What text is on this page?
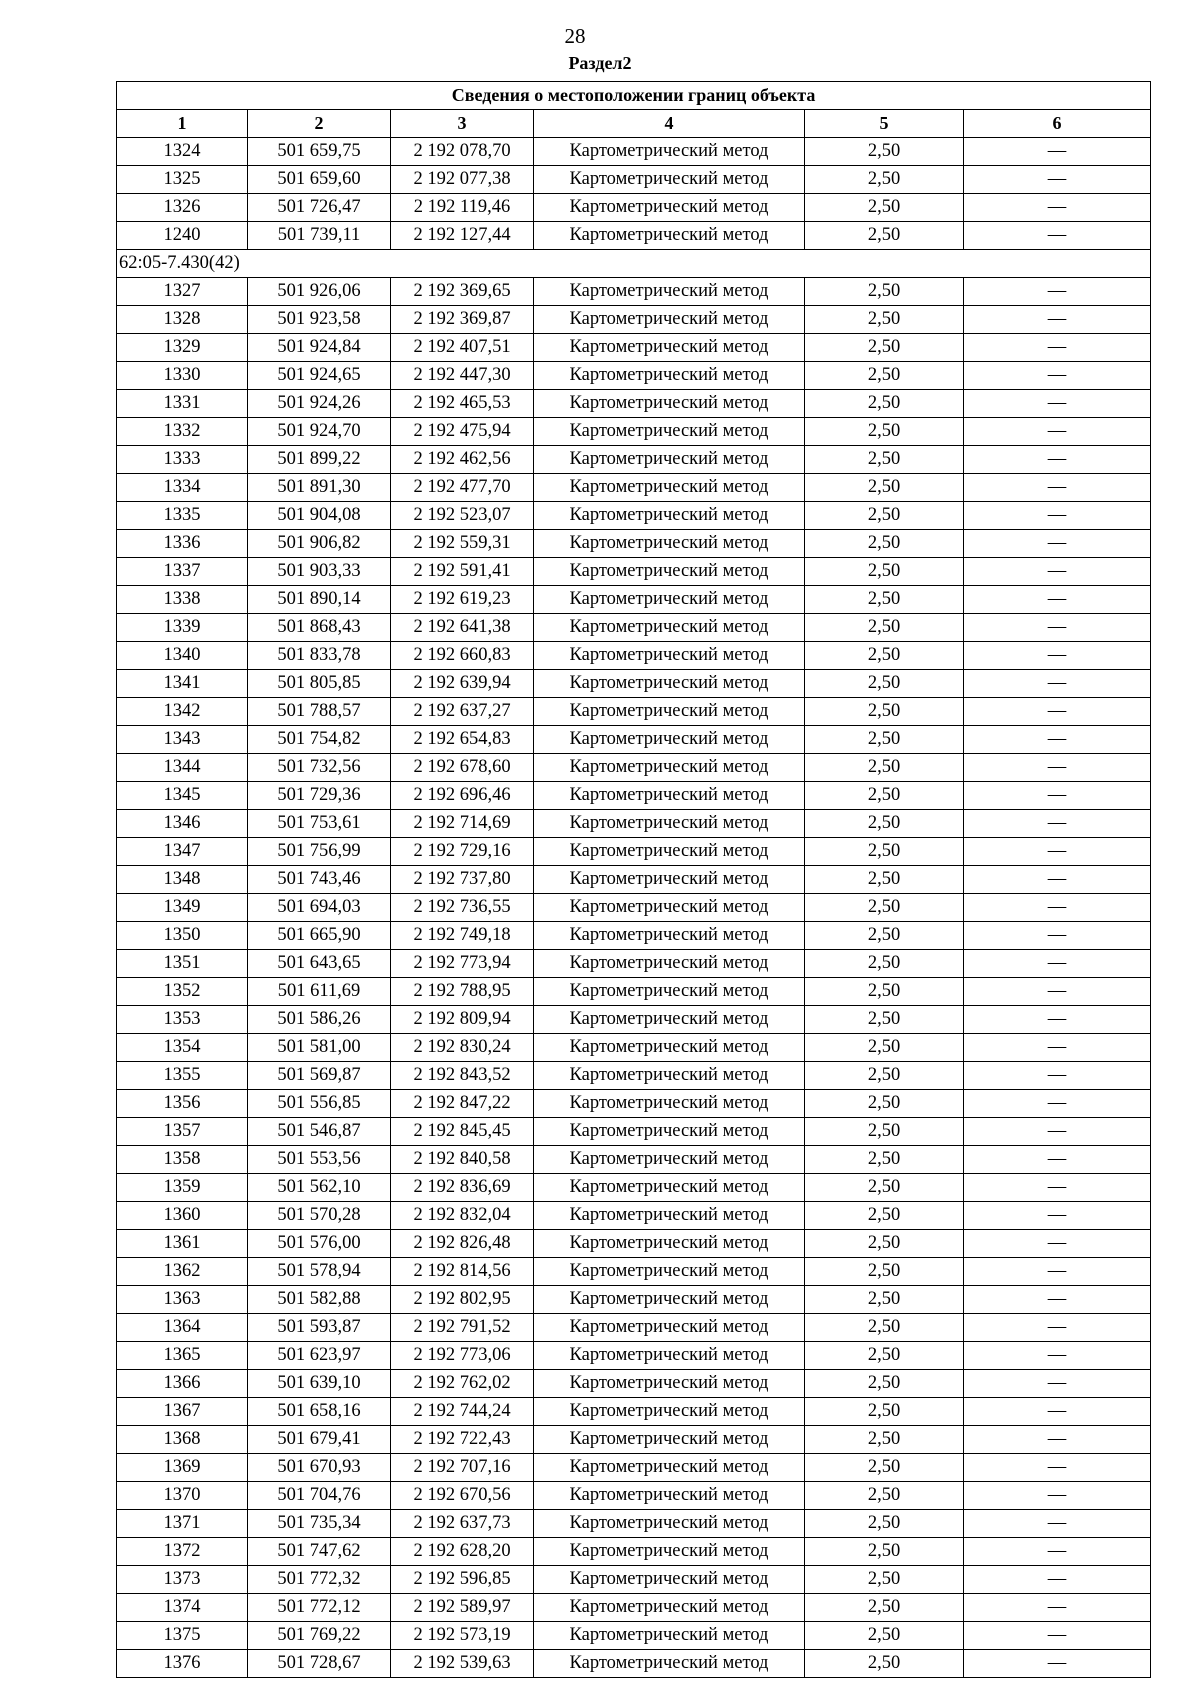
28
Раздел2
Сведения о местоположении границ объекта					
1	2	3	4	5	6
1324	501 659,75	2 192 078,70	Картометрический метод	2,50	—
1325	501 659,60	2 192 077,38	Картометрический метод	2,50	—
1326	501 726,47	2 192 119,46	Картометрический метод	2,50	—
1240	501 739,11	2 192 127,44	Картометрический метод	2,50	—
62:05-7.430(42)					
1327	501 926,06	2 192 369,65	Картометрический метод	2,50	—
1328	501 923,58	2 192 369,87	Картометрический метод	2,50	—
1329	501 924,84	2 192 407,51	Картометрический метод	2,50	—
1330	501 924,65	2 192 447,30	Картометрический метод	2,50	—
1331	501 924,26	2 192 465,53	Картометрический метод	2,50	—
1332	501 924,70	2 192 475,94	Картометрический метод	2,50	—
1333	501 899,22	2 192 462,56	Картометрический метод	2,50	—
1334	501 891,30	2 192 477,70	Картометрический метод	2,50	—
1335	501 904,08	2 192 523,07	Картометрический метод	2,50	—
1336	501 906,82	2 192 559,31	Картометрический метод	2,50	—
1337	501 903,33	2 192 591,41	Картометрический метод	2,50	—
1338	501 890,14	2 192 619,23	Картометрический метод	2,50	—
1339	501 868,43	2 192 641,38	Картометрический метод	2,50	—
1340	501 833,78	2 192 660,83	Картометрический метод	2,50	—
1341	501 805,85	2 192 639,94	Картометрический метод	2,50	—
1342	501 788,57	2 192 637,27	Картометрический метод	2,50	—
1343	501 754,82	2 192 654,83	Картометрический метод	2,50	—
1344	501 732,56	2 192 678,60	Картометрический метод	2,50	—
1345	501 729,36	2 192 696,46	Картометрический метод	2,50	—
1346	501 753,61	2 192 714,69	Картометрический метод	2,50	—
1347	501 756,99	2 192 729,16	Картометрический метод	2,50	—
1348	501 743,46	2 192 737,80	Картометрический метод	2,50	—
1349	501 694,03	2 192 736,55	Картометрический метод	2,50	—
1350	501 665,90	2 192 749,18	Картометрический метод	2,50	—
1351	501 643,65	2 192 773,94	Картометрический метод	2,50	—
1352	501 611,69	2 192 788,95	Картометрический метод	2,50	—
1353	501 586,26	2 192 809,94	Картометрический метод	2,50	—
1354	501 581,00	2 192 830,24	Картометрический метод	2,50	—
1355	501 569,87	2 192 843,52	Картометрический метод	2,50	—
1356	501 556,85	2 192 847,22	Картометрический метод	2,50	—
1357	501 546,87	2 192 845,45	Картометрический метод	2,50	—
1358	501 553,56	2 192 840,58	Картометрический метод	2,50	—
1359	501 562,10	2 192 836,69	Картометрический метод	2,50	—
1360	501 570,28	2 192 832,04	Картометрический метод	2,50	—
1361	501 576,00	2 192 826,48	Картометрический метод	2,50	—
1362	501 578,94	2 192 814,56	Картометрический метод	2,50	—
1363	501 582,88	2 192 802,95	Картометрический метод	2,50	—
1364	501 593,87	2 192 791,52	Картометрический метод	2,50	—
1365	501 623,97	2 192 773,06	Картометрический метод	2,50	—
1366	501 639,10	2 192 762,02	Картометрический метод	2,50	—
1367	501 658,16	2 192 744,24	Картометрический метод	2,50	—
1368	501 679,41	2 192 722,43	Картометрический метод	2,50	—
1369	501 670,93	2 192 707,16	Картометрический метод	2,50	—
1370	501 704,76	2 192 670,56	Картометрический метод	2,50	—
1371	501 735,34	2 192 637,73	Картометрический метод	2,50	—
1372	501 747,62	2 192 628,20	Картометрический метод	2,50	—
1373	501 772,32	2 192 596,85	Картометрический метод	2,50	—
1374	501 772,12	2 192 589,97	Картометрический метод	2,50	—
1375	501 769,22	2 192 573,19	Картометрический метод	2,50	—
1376	501 728,67	2 192 539,63	Картометрический метод	2,50	—
